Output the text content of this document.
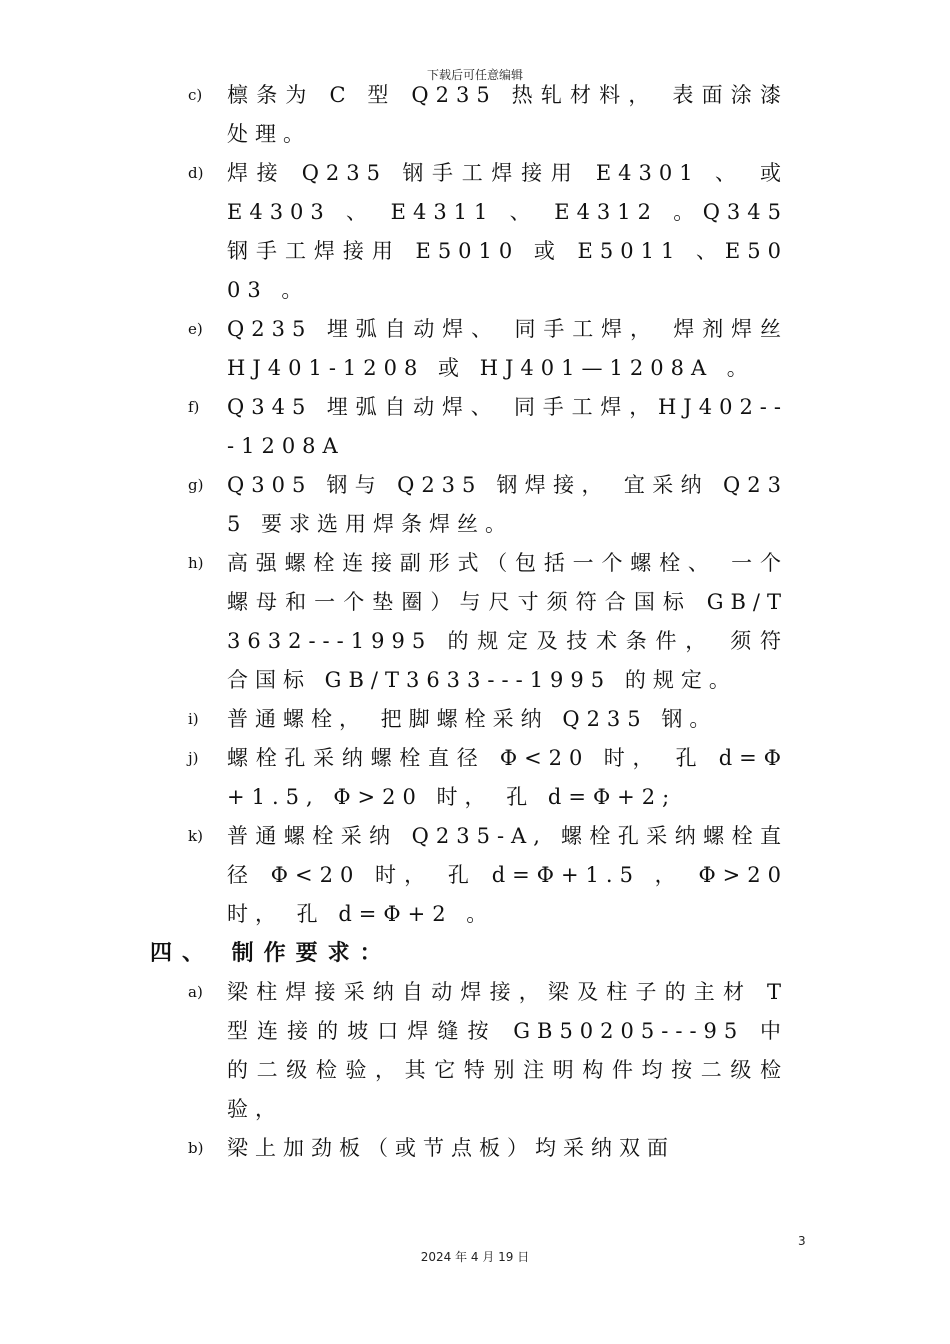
下载后可任意编辑
c) 檩条为 C 型 Q235 热轧材料， 表面涂漆处理。
d) 焊接 Q235 钢手工焊接用 E4301 、 或 E4303 、 E4311 、 E4312 。Q345 钢手工焊接用 E5010 或 E5011 、E5003 。
e) Q235 埋弧自动焊、 同手工焊， 焊剂焊丝 HJ401-1208 或 HJ401—1208A 。
f) Q345 埋弧自动焊、 同手工焊，HJ402---1208A
g) Q305 钢与 Q235 钢焊接， 宜采纳 Q235 要求选用焊条焊丝。
h) 高强螺栓连接副形式（包括一个螺栓、 一个螺母和一个垫圈）与尺寸须符合国标 GB/T3632---1995 的规定及技术条件， 须符合国标 GB/T3633---1995 的规定。
i) 普通螺栓， 把脚螺栓采纳 Q235 钢。
j) 螺栓孔采纳螺栓直径 Φ<20 时， 孔 d=Φ+1.5, Φ>20 时， 孔 d=Φ+2;
k) 普通螺栓采纳 Q235-A, 螺栓孔采纳螺栓直径 Φ<20 时， 孔 d=Φ+1.5 ， Φ>20 时， 孔 d=Φ+2 。
四、 制作要求：
a) 梁柱焊接采纳自动焊接，梁及柱子的主材 T 型连接的坡口焊缝按 GB50205---95 中的二级检验，其它特别注明构件均按二级检验，
b) 梁上加劲板（或节点板）均采纳双面
3
2024 年 4 月 19 日
